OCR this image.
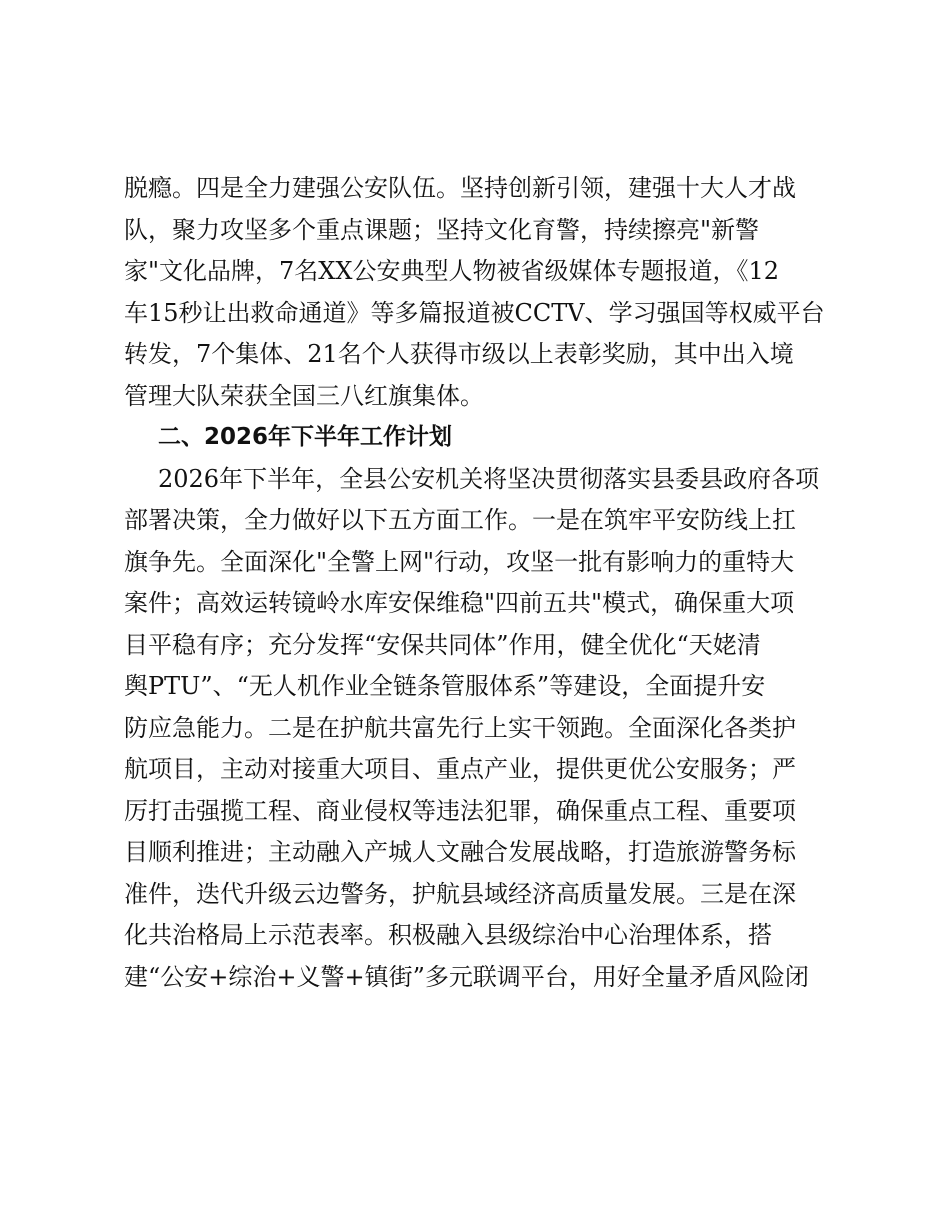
脱瘾。四是全力建强公安队伍。坚持创新引领，建强十大人才战
队，聚力攻坚多个重点课题；坚持文化育警，持续擦亮"新警
家"文化品牌，7名XX公安典型人物被省级媒体专题报道，《12
车15秒让出救命通道》等多篇报道被CCTV、学习强国等权威平台
转发，7个集体、21名个人获得市级以上表彰奖励，其中出入境
管理大队荣获全国三八红旗集体。
二、2026年下半年工作计划
2026年下半年，全县公安机关将坚决贯彻落实县委县政府各项
部署决策，全力做好以下五方面工作。一是在筑牢平安防线上扛
旗争先。全面深化"全警上网"行动，攻坚一批有影响力的重特大
案件；高效运转镜岭水库安保维稳"四前五共"模式，确保重大项
目平稳有序；充分发挥“安保共同体”作用，健全优化“天姥清
舆PTU”、“无人机作业全链条管服体系”等建设，全面提升安
防应急能力。二是在护航共富先行上实干领跑。全面深化各类护
航项目，主动对接重大项目、重点产业，提供更优公安服务；严
厉打击强揽工程、商业侵权等违法犯罪，确保重点工程、重要项
目顺利推进；主动融入产城人文融合发展战略，打造旅游警务标
准件，迭代升级云边警务，护航县域经济高质量发展。三是在深
化共治格局上示范表率。积极融入县级综治中心治理体系，搭
建“公安+综治+义警+镇街”多元联调平台，用好全量矛盾风险闭
